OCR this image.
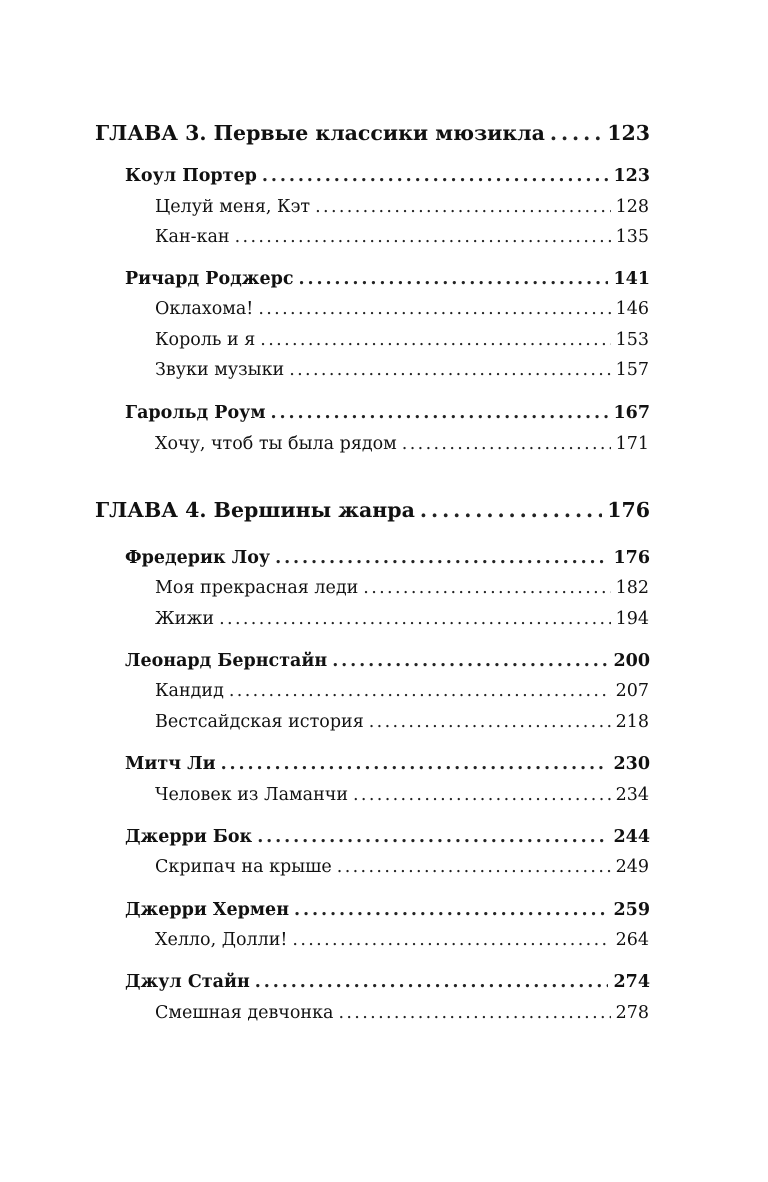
ГЛАВА 3. Первые классики мюзикла . . .	123
Коул Портер . . .	123
Целуй меня, Кэт . . .	128
Кан-кан . . .	135
Ричард Роджерс . . .	141
Оклахома! . . .	146
Король и я . . .	153
Звуки музыки . . .	157
Гарольд Роум . . .	167
Хочу, чтоб ты была рядом . . .	171
ГЛАВА 4. Вершины жанра . . .	176
Фредерик Лоу . . .	176
Моя прекрасная леди . . .	182
Жижи . . .	194
Леонард Бернстайн . . .	200
Кандид . . .	207
Вестсайдская история . . .	218
Митч Ли . . .	230
Человек из Ламанчи . . .	234
Джерри Бок . . .	244
Скрипач на крыше . . .	249
Джерри Хермен . . .	259
Хелло, Долли! . . .	264
Джул Стайн . . .	274
Смешная девчонка . . .	278
